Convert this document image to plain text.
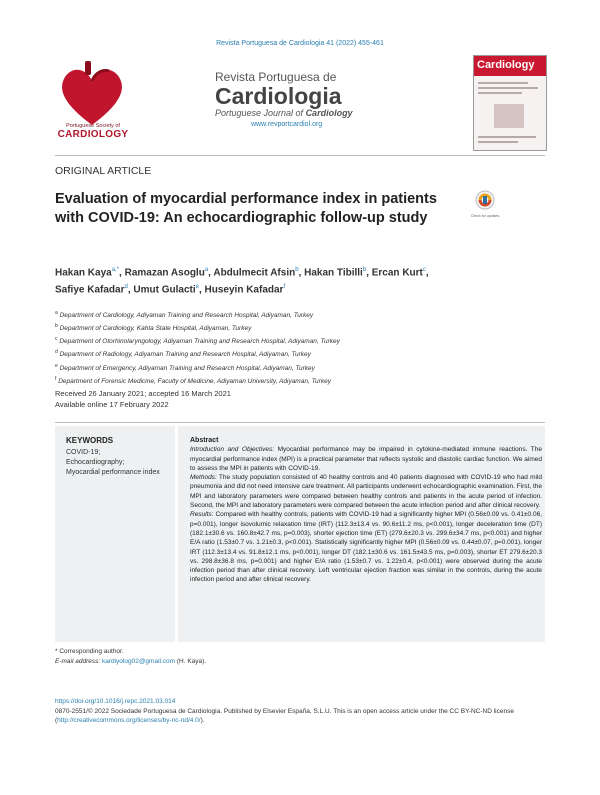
Revista Portuguesa de Cardiologia 41 (2022) 455-461
Portuguese Society of
CARDIOLOGY
Revista Portuguesa de
Cardiologia
Portuguese Journal of Cardiology
www.revportcardiol.org
Cardiology
ORIGINAL ARTICLE
Evaluation of myocardial performance index in patients with COVID-19: An echocardiographic follow-up study	Check for updates
Hakan Kaya$^{a,*}$, Ramazan Asoglu$^a$, Abdulmecit Afsin$^b$, Hakan Tibilli$^b$, Ercan Kurt$^c$,
Safiye Kafadar$^d$, Umut Gulacti$^e$, Huseyin Kafadar$^f$
$^a$ Department of Cardiology, Adiyaman Training and Research Hospital, Adiyaman, Turkey
$^b$ Department of Cardiology, Kahta State Hospital, Adiyaman, Turkey
$^c$ Department of Otorhinolaryngology, Adiyaman Training and Research Hospital, Adiyaman, Turkey
$^d$ Department of Radiology, Adiyaman Training and Research Hospital, Adiyaman, Turkey
$^e$ Department of Emergency, Adiyaman Training and Research Hospital, Adiyaman, Turkey
$^f$ Department of Forensic Medicine, Faculty of Medicine, Adiyaman University, Adiyaman, Turkey
Received 26 January 2021; accepted 16 March 2021
Available online 17 February 2022
KEYWORDS
COVID-19;
Echocardiography;
Myocardial performance index
Abstract
Introduction and Objectives: Myocardial performance may be impaired in cytokine-mediated immune reactions. The myocardial performance index (MPI) is a practical parameter that reflects systolic and diastolic cardiac function. We aimed to assess the MPI in patients with COVID-19.
Methods: The study population consisted of 40 healthy controls and 40 patients diagnosed with COVID-19 who had mild pneumonia and did not need intensive care treatment. All participants underwent echocardiographic examination. First, the MPI and laboratory parameters were compared between healthy controls and patients in the acute period of infection. Second, the MPI and laboratory parameters were compared between the acute infection period and after clinical recovery.
Results: Compared with healthy controls, patients with COVID-19 had a significantly higher MPI (0.56±0.09 vs. 0.41±0.06, p=0.001), longer isovolumic relaxation time (IRT) (112.3±13.4 vs. 90.6±11.2 ms, p<0.001), longer deceleration time (DT) (182.1±30.6 vs. 160.8±42.7 ms, p=0.003), shorter ejection time (ET) (279.6±20.3 vs. 299.6±34.7 ms, p<0.001) and higher E/A ratio (1.53±0.7 vs. 1.21±0.3, p<0.001). Statistically significantly higher MPI (0.56±0.09 vs. 0.44±0.07, p=0.001), longer IRT (112.3±13.4 vs. 91.8±12.1 ms, p<0.001), longer DT (182.1±30.6 vs. 161.5±43.5 ms, p=0.003), shorter ET 279.6±20.3 vs. 298.8±36.8 ms, p=0.001) and higher E/A ratio (1.53±0.7 vs. 1.22±0.4, p<0.001) were observed during the acute infection period than after clinical recovery. Left ventricular ejection fraction was similar in the controls, during the acute infection period and after clinical recovery.
* Corresponding author.
E-mail address: kardiyolog02@gmail.com (H. Kaya).
https://doi.org/10.1016/j.repc.2021.03.014
0870-2551/© 2022 Sociedade Portuguesa de Cardiologia. Published by Elsevier España, S.L.U. This is an open access article under the CC BY-NC-ND license (http://creativecommons.org/licenses/by-nc-nd/4.0/).
